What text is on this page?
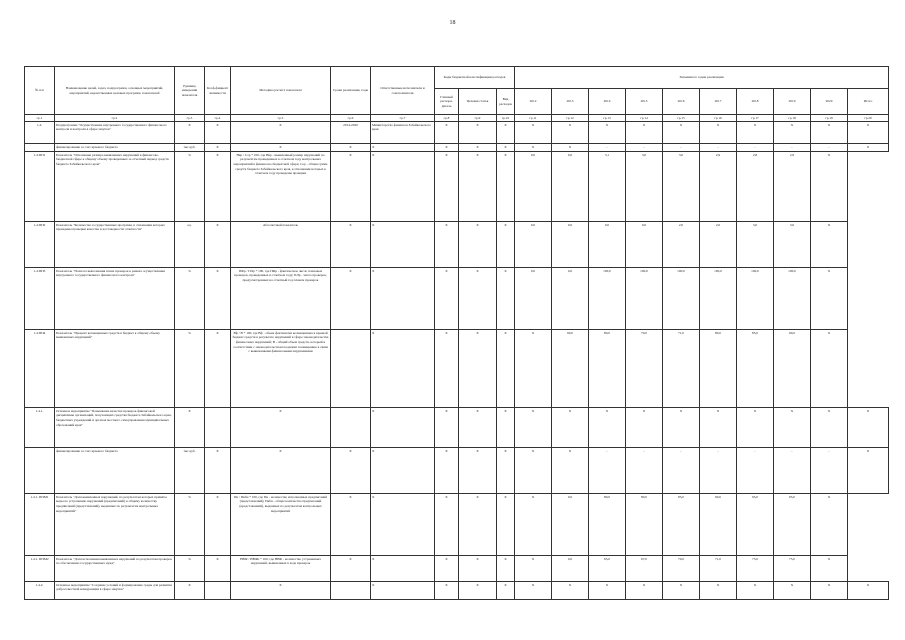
18
№ п/п	Наименование целей, задач, подпрограмм, основных мероприятий, мероприятий, ведомственных целевых программ, показателей	Единица измерения показателя	Коэф-фициент значимости	Методика расчета показателя	Сроки реализации, годы	Ответственные исполнители и соисполнители	Коды бюджетной классификации расходов			Значения по годам реализации									
							Главный распоря-дитель	Целевая статья	Вид расходов	2012	2013	2014	2015	2016	2017	2018	2019	2020	Итого
гр.1	гр.2	гр.3	гр.4	гр.5	гр.6	гр.7	гр.8	гр.9	гр.10	гр.11	гр.12	гр.13	гр.14	гр.15	гр.16	гр.17	гр.18	гр.19	гр.20
1.4.	Подпрограмма "Осуществление внутреннего государственного финансового контроля и контроля в сфере закупок"	X	X	X	2014-2020	Министерство финансов Забайкальского края	X	X	X	X	X	X	X	X	X	X	X	X	X
	финансирование за счет краевого бюджета	тыс.руб.	X	X	X	X	X	X	X	X	X	-	-	-	-	-	-	-	X
1.4.ПП1	Показатель "Отношение размера выявленных нарушений в финансово-бюджетной сфере к общему объему проверенных за отчетный период средств бюджета Забайкальского края"	%	X	Нвр / Сор * 100, где Нвр - выявленный размер нарушений по результатам проведенных в отчетном году контрольных мероприятий в финансово-бюджетной сфере; Сор - общая сумма средств бюджета Забайкальского края, в отношении которых в отчетном году проведены проверки	X	X	X	X	X	0,0	0,0	3,1	3,0	3,0	2,9	2,8	2,9	X	
1.4.ПП2	Показатель "Количество государственных программ, в отношении которых проведены проверки качества и достоверности отчетности"	ед.	X	Абсолютный показатель	X	X	X	X	X	0,0	0,0	0,0	0,0	2,0	2,0	3,0	3,0	X	
1.4.ПП3	Показатель "Полнота выполнения плана проверок в рамках осуществления внутреннего государственного финансового контроля"	%	X	ПФр / ПЛр * 100, где ПФр - фактическое число плановых проверок, проведенных в отчетном году; ПЛр - число проверок, предусмотренных на отчетный год планом проверок	X	X	X	X	X	0,0	0,0	100,0	100,0	100,0	100,0	100,0	100,0	X	
1.4.ПП4	Показатель "Процент возмещенных средств в бюджет к общему объему выявленных нарушений"	%	X	Вф / В * 100, где Вф - объем фактически возмещенных в краевой бюджет средств в результате нарушений в сфере законодательства финансовых нарушений; В - общий объем средств, который в соответствии с законодательством подлежит возмещению в связи с выявленными финансовыми нарушениями		X	X	X	X	X	90,0	80,0	70,0	71,0	80,0	85,0	90,0	X	
1.4.1.	Основное мероприятие "Повышение качества проверок финансовой дисциплины организаций, получающих средства бюджета Забайкальского края, бюджетных учреждений и органов местного самоуправления муниципальных образований края"	X		X		X	X	X	X	X	X	X	X	X	X	X	X	X	X
	финансирование за счет краевого бюджета	тыс.руб.	X	X	X	X	X	X	X	X	X	-	-	-	-	-	-	-	X
1.4.1. ППМ1	Показатель "Доля выявленных нарушений, по результатам которых приняты меры по устранению нарушений (предписаний) к общему количеству предписаний (представлений), выданных по результатам контрольных мероприятий"	%	X	Пн / Пвбн * 100, где Пн - количество исполненных предписаний (представлений); Пвбн - общее количество предписаний (представлений), выданных по результатам контрольных мероприятий	X	X	X	X	X	X	0,0	80,0	80,0	85,0	90,0	95,0	95,0	X	
1.4.1. ППМ2	Показатель "Доля исполнения выявленных нарушений по результатам проверок по обеспечению государственных нужд"	%	X	НВФ / НВФп * 100, где НВФ - количество устраненных нарушений, выявленных в ходе проверок	X	X	X	X	X	X	0,0	65,0	67,0	70,0	71,0	75,0	75,0	X	
1.4.2.	Основное мероприятие "Создание условий и формирование среды для развития добросовестной конкуренции в сфере закупок"	X		X		X	X	X	X	X	X	X	X	X	X	X	X	X	X
